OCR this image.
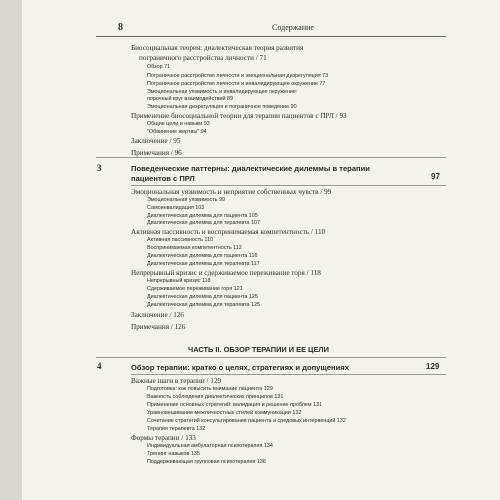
8	Содержание
Биосоциальная теория: диалектическая теория развития
пограничного расстройства личности / 71
Обзор 71
Пограничное расстройство личности и эмоциональная дизрегуляция 73
Пограничное расстройство личности и инвалидирующее окружение 77
Эмоциональная уязвимость и инвалидирующее окружение:
порочный круг взаимодействий 89
Эмоциональная дизрегуляция и пограничное поведение 90
Применение биосоциальной теории для терапии пациентов с ПРЛ / 93
Общие цели и навыки 93
"Обвинение жертвы" 94
Заключение / 95
Примечания / 96
3	Поведенческие паттерны: диалектические дилеммы в терапии
пациентов с ПРЛ	97
Эмоциональная уязвимость и неприятие собственных чувств / 99
Эмоциональная уязвимость 99
Самоинвалидация 103
Диалектическая дилемма для пациента 105
Диалектическая дилемма для терапевта 107
Активная пассивность и воспринимаемая компетентность / 110
Активная пассивность 110
Воспринимаемая компетентность 112
Диалектическая дилемма для пациента 116
Диалектическая дилемма для терапевта 117
Непрерывный кризис и сдерживаемое переживание горя / 118
Непрерывный кризис 118
Сдерживаемое переживание горя 121
Диалектическая дилемма для пациента 125
Диалектическая дилемма для терапевта 125
Заключение / 126
Примечания / 126
ЧАСТЬ II. ОБЗОР ТЕРАПИИ И ЕЕ ЦЕЛИ
4	Обзор терапии: кратко о целях, стратегиях и допущениях	129
Важные шаги в терапии / 129
Подготовка: как повысить внимание пациента 129
Важность соблюдения диалектических принципов 131
Применение основных стратегий: валидация и решение проблем 131
Уравновешивание межличностных стилей коммуникации 132
Сочетание стратегий консультирования пациента и средовых интервенций 132
Терапия терапевта 132
Формы терапии / 133
Индивидуальная амбулаторная психотерапия 134
Тренинг навыков 135
Поддерживающая групповая психотерапия 136
